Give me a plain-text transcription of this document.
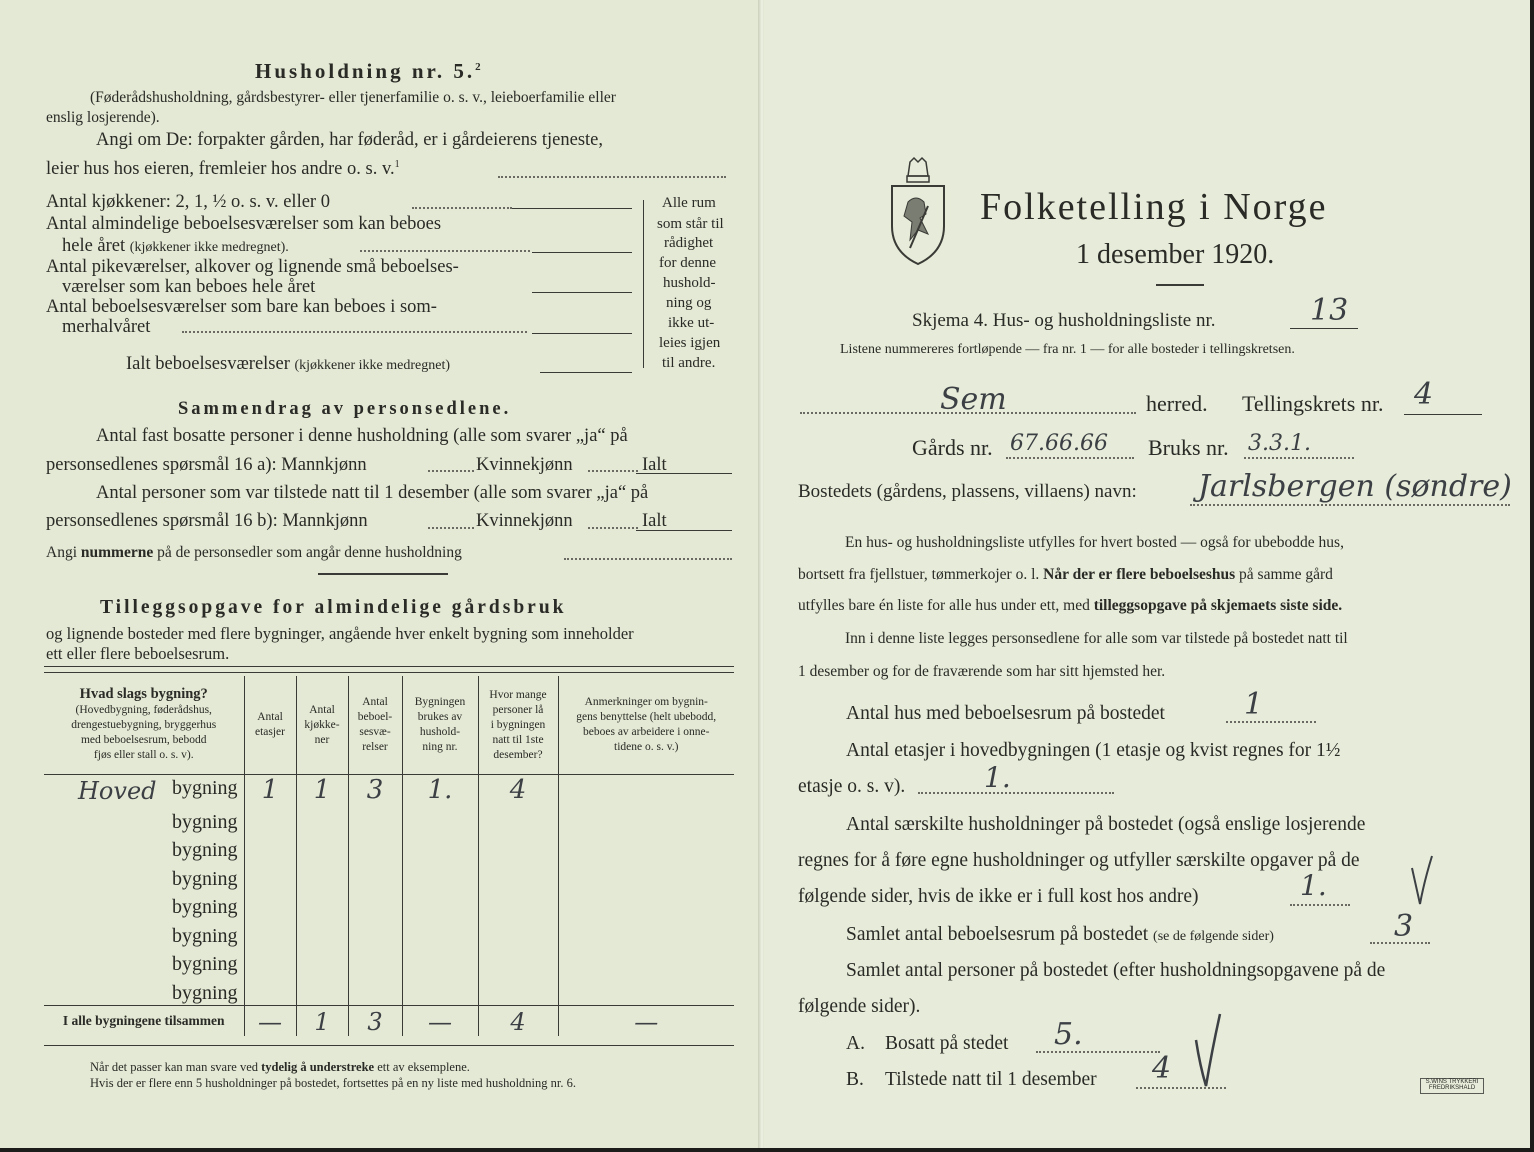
Husholdning nr. 5.$^2$
(Føderådshusholdning, gårdsbestyrer- eller tjenerfamilie o. s. v., leieboerfamilie eller
enslig losjerende).
Angi om De: forpakter gården, har føderåd, er i gårdeierens tjeneste,
leier hus hos eieren, fremleier hos andre o. s. v.$^1$
Antal kjøkkener: 2, 1, ½ o. s. v. eller 0
Antal almindelige beboelsesværelser som kan beboes
hele året (kjøkkener ikke medregnet).
Antal pikeværelser, alkover og lignende små beboelses-
værelser som kan beboes hele året
Antal beboelsesværelser som bare kan beboes i som-
merhalvåret
Alle rum
som står til
rådighet
for denne
hushold-
ning og
ikke ut-
leies igjen
til andre.
Ialt beboelsesværelser (kjøkkener ikke medregnet)
Sammendrag av personsedlene.
Antal fast bosatte personer i denne husholdning (alle som svarer „ja“ på
personsedlenes spørsmål 16 a): Mannkjønn	Kvinnekjønn	Ialt
Antal personer som var tilstede natt til 1 desember (alle som svarer „ja“ på
personsedlenes spørsmål 16 b): Mannkjønn	Kvinnekjønn	Ialt
Angi nummerne på de personsedler som angår denne husholdning
Tilleggsopgave for almindelige gårdsbruk
og lignende bosteder med flere bygninger, angående hver enkelt bygning som inneholder
ett eller flere beboelsesrum.
Hvad slags bygning?
(Hovedbygning, føderådshus,
drengestuebygning, bryggerhus
med beboelsesrum, bebodd
fjøs eller stall o. s. v).	Antal
etasjer	Antal
kjøkke-
ner	Antal
beboel-
sesvæ-
relser	Bygningen
brukes av
hushold-
ning nr.	Hvor mange
personer lå
i bygningen
natt til 1ste
desember?	Anmerkninger om bygnin-
gens benyttelse (helt ubebodd,
beboes av arbeidere i onne-
tidene o. s. v.)

Hoved bygning	1	1	3	1.	4	
bygning						
bygning						
bygning						
bygning						
bygning						
bygning						
bygning						
I alle bygningene tilsammen	—	1	3	—	4	—
Når det passer kan man svare ved tydelig å understreke ett av eksemplene.
Hvis der er flere enn 5 husholdninger på bostedet, fortsettes på en ny liste med husholdning nr. 6.
Folketelling i Norge
1 desember 1920.
Skjema 4. Hus- og husholdningsliste nr.	13
Listene nummereres fortløpende — fra nr. 1 — for alle bosteder i tellingskretsen.
Sem	herred. Tellingskrets nr. 4
Gårds nr. 67.66.66 Bruks nr. 3.3.1.
Bostedets (gårdens, plassens, villaens) navn: Jarlsbergen (søndre)
En hus- og husholdningsliste utfylles for hvert bosted — også for ubebodde hus,
bortsett fra fjellstuer, tømmerkojer o. l. Når der er flere beboelseshus på samme gård
utfylles bare én liste for alle hus under ett, med tilleggsopgave på skjemaets siste side.
Inn i denne liste legges personsedlene for alle som var tilstede på bostedet natt til
1 desember og for de fraværende som har sitt hjemsted her.
Antal hus med beboelsesrum på bostedet	1
Antal etasjer i hovedbygningen (1 etasje og kvist regnes for 1½
etasje o. s. v).	1.
Antal særskilte husholdninger på bostedet (også enslige losjerende
regnes for å føre egne husholdninger og utfyller særskilte opgaver på de
følgende sider, hvis de ikke er i full kost hos andre)	1.
Samlet antal beboelsesrum på bostedet (se de følgende sider)	3
Samlet antal personer på bostedet (efter husholdningsopgavene på de
følgende sider).
A. Bosatt på stedet 5.
B. Tilstede natt til 1 desember 4	S.WINS TRYKKERI
FREDRIKSHALD
